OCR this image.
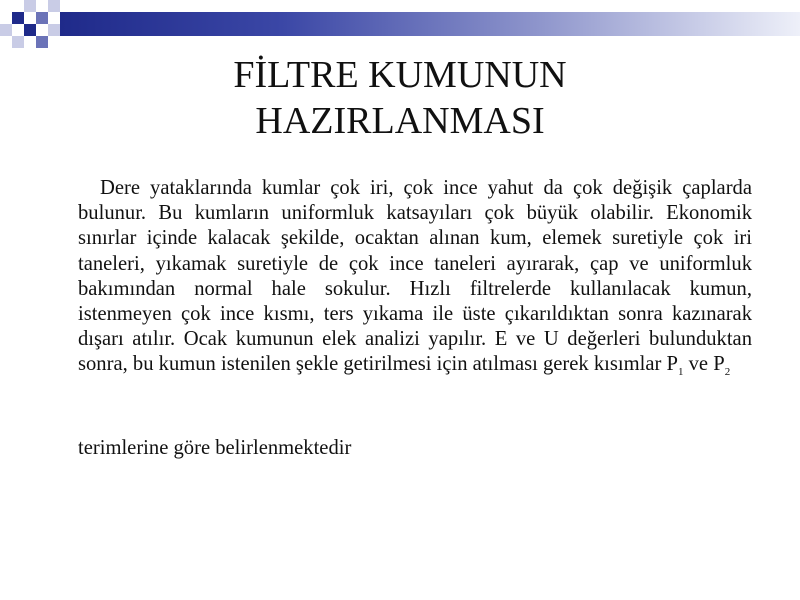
FİLTRE KUMUNUN
HAZIRLANMASI
Dere yataklarında kumlar çok iri, çok ince yahut da çok değişik çaplarda bulunur. Bu kumların uniformluk katsayıları çok büyük olabilir. Ekonomik sınırlar içinde kalacak şekilde, ocaktan alınan kum, elemek suretiyle çok iri taneleri, yıkamak suretiyle de çok ince taneleri ayırarak, çap ve uniformluk bakımından normal hale sokulur. Hızlı filtrelerde kullanılacak kumun, istenmeyen çok ince kısmı, ters yıkama ile üste çıkarıldıktan sonra kazınarak dışarı atılır. Ocak kumunun elek analizi yapılır. E ve U değerleri bulunduktan sonra, bu kumun istenilen şekle getirilmesi için atılması gerek kısımlar $P_1$ ve $P_2$
terimlerine göre belirlenmektedir
